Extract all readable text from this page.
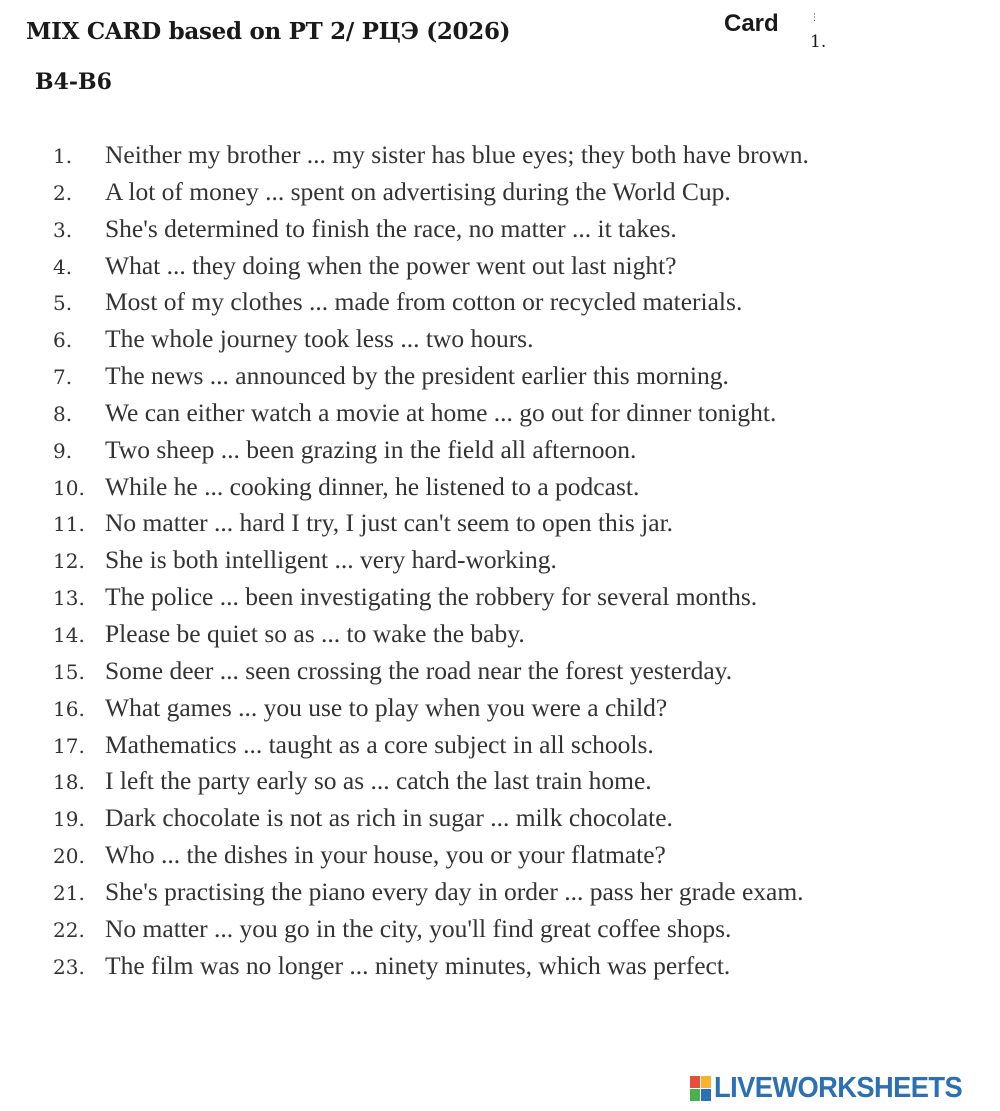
MIX CARD based on РТ 2/ РЦЭ (2026)	Card	⋮
1.
B4-B6
1. Neither my brother ... my sister has blue eyes; they both have brown.
2. A lot of money ... spent on advertising during the World Cup.
3. She's determined to finish the race, no matter ... it takes.
4. What ... they doing when the power went out last night?
5. Most of my clothes ... made from cotton or recycled materials.
6. The whole journey took less ... two hours.
7. The news ... announced by the president earlier this morning.
8. We can either watch a movie at home ... go out for dinner tonight.
9. Two sheep ... been grazing in the field all afternoon.
10. While he ... cooking dinner, he listened to a podcast.
11. No matter ... hard I try, I just can't seem to open this jar.
12. She is both intelligent ... very hard-working.
13. The police ... been investigating the robbery for several months.
14. Please be quiet so as ... to wake the baby.
15. Some deer ... seen crossing the road near the forest yesterday.
16. What games ... you use to play when you were a child?
17. Mathematics ... taught as a core subject in all schools.
18. I left the party early so as ... catch the last train home.
19. Dark chocolate is not as rich in sugar ... milk chocolate.
20. Who ... the dishes in your house, you or your flatmate?
21. She's practising the piano every day in order ... pass her grade exam.
22. No matter ... you go in the city, you'll find great coffee shops.
23. The film was no longer ... ninety minutes, which was perfect.
LIVEWORKSHEETS
